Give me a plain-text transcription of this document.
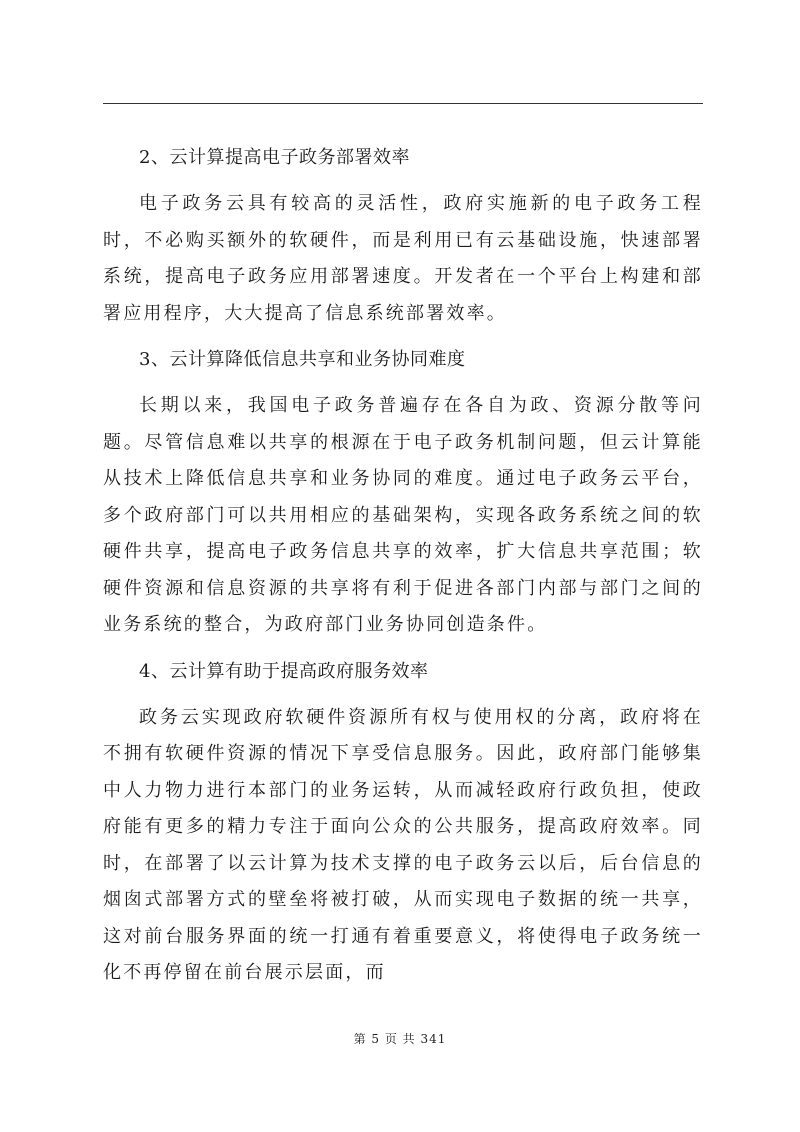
2、云计算提高电子政务部署效率

电子政务云具有较高的灵活性，政府实施新的电子政务工程时，不必购买额外的软硬件，而是利用已有云基础设施，快速部署系统，提高电子政务应用部署速度。开发者在一个平台上构建和部署应用程序，大大提高了信息系统部署效率。

3、云计算降低信息共享和业务协同难度

长期以来，我国电子政务普遍存在各自为政、资源分散等问题。尽管信息难以共享的根源在于电子政务机制问题，但云计算能从技术上降低信息共享和业务协同的难度。通过电子政务云平台，多个政府部门可以共用相应的基础架构，实现各政务系统之间的软硬件共享，提高电子政务信息共享的效率，扩大信息共享范围；软硬件资源和信息资源的共享将有利于促进各部门内部与部门之间的业务系统的整合，为政府部门业务协同创造条件。

4、云计算有助于提高政府服务效率

政务云实现政府软硬件资源所有权与使用权的分离，政府将在不拥有软硬件资源的情况下享受信息服务。因此，政府部门能够集中人力物力进行本部门的业务运转，从而减轻政府行政负担，使政府能有更多的精力专注于面向公众的公共服务，提高政府效率。同时，在部署了以云计算为技术支撑的电子政务云以后，后台信息的烟囱式部署方式的壁垒将被打破，从而实现电子数据的统一共享，这对前台服务界面的统一打通有着重要意义，将使得电子政务统一化不再停留在前台展示层面，而

第 5 页 共 341
